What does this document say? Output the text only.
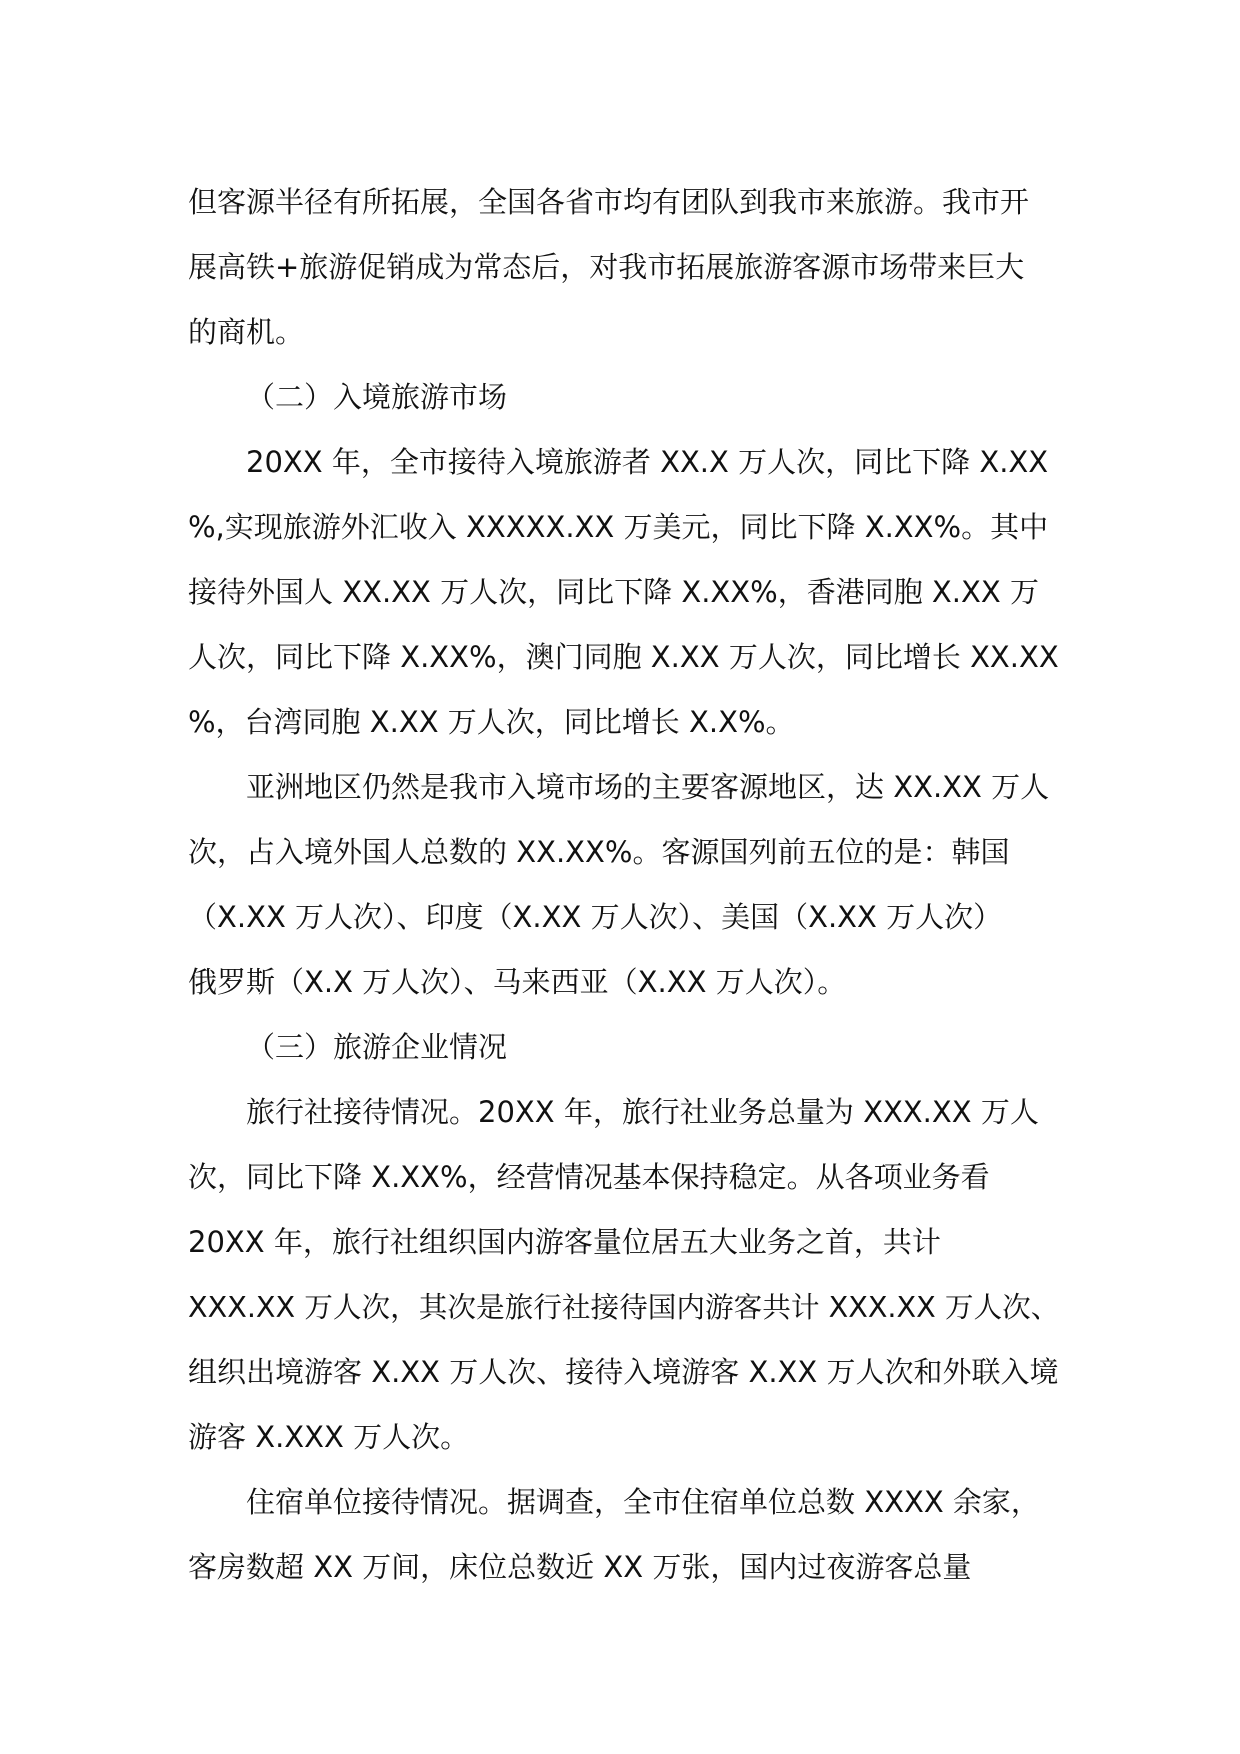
但客源半径有所拓展，全国各省市均有团队到我市来旅游。我市开
展高铁+旅游促销成为常态后，对我市拓展旅游客源市场带来巨大
的商机。
（二）入境旅游市场
20XX 年，全市接待入境旅游者 XX.X 万人次，同比下降 X.XX
%,实现旅游外汇收入 XXXXX.XX 万美元，同比下降 X.XX%。其中
接待外国人 XX.XX 万人次，同比下降 X.XX%，香港同胞 X.XX 万
人次，同比下降 X.XX%，澳门同胞 X.XX 万人次，同比增长 XX.XX
%，台湾同胞 X.XX 万人次，同比增长 X.X%。
亚洲地区仍然是我市入境市场的主要客源地区，达 XX.XX 万人
次，占入境外国人总数的 XX.XX%。客源国列前五位的是：韩国
（X.XX 万人次）、印度（X.XX 万人次）、美国（X.XX 万人次）
俄罗斯（X.X 万人次）、马来西亚（X.XX 万人次）。
（三）旅游企业情况
旅行社接待情况。20XX 年，旅行社业务总量为 XXX.XX 万人
次，同比下降 X.XX%，经营情况基本保持稳定。从各项业务看
20XX 年，旅行社组织国内游客量位居五大业务之首，共计
XXX.XX 万人次，其次是旅行社接待国内游客共计 XXX.XX 万人次、
组织出境游客 X.XX 万人次、接待入境游客 X.XX 万人次和外联入境
游客 X.XXX 万人次。
住宿单位接待情况。据调查，全市住宿单位总数 XXXX 余家，
客房数超 XX 万间，床位总数近 XX 万张，国内过夜游客总量
